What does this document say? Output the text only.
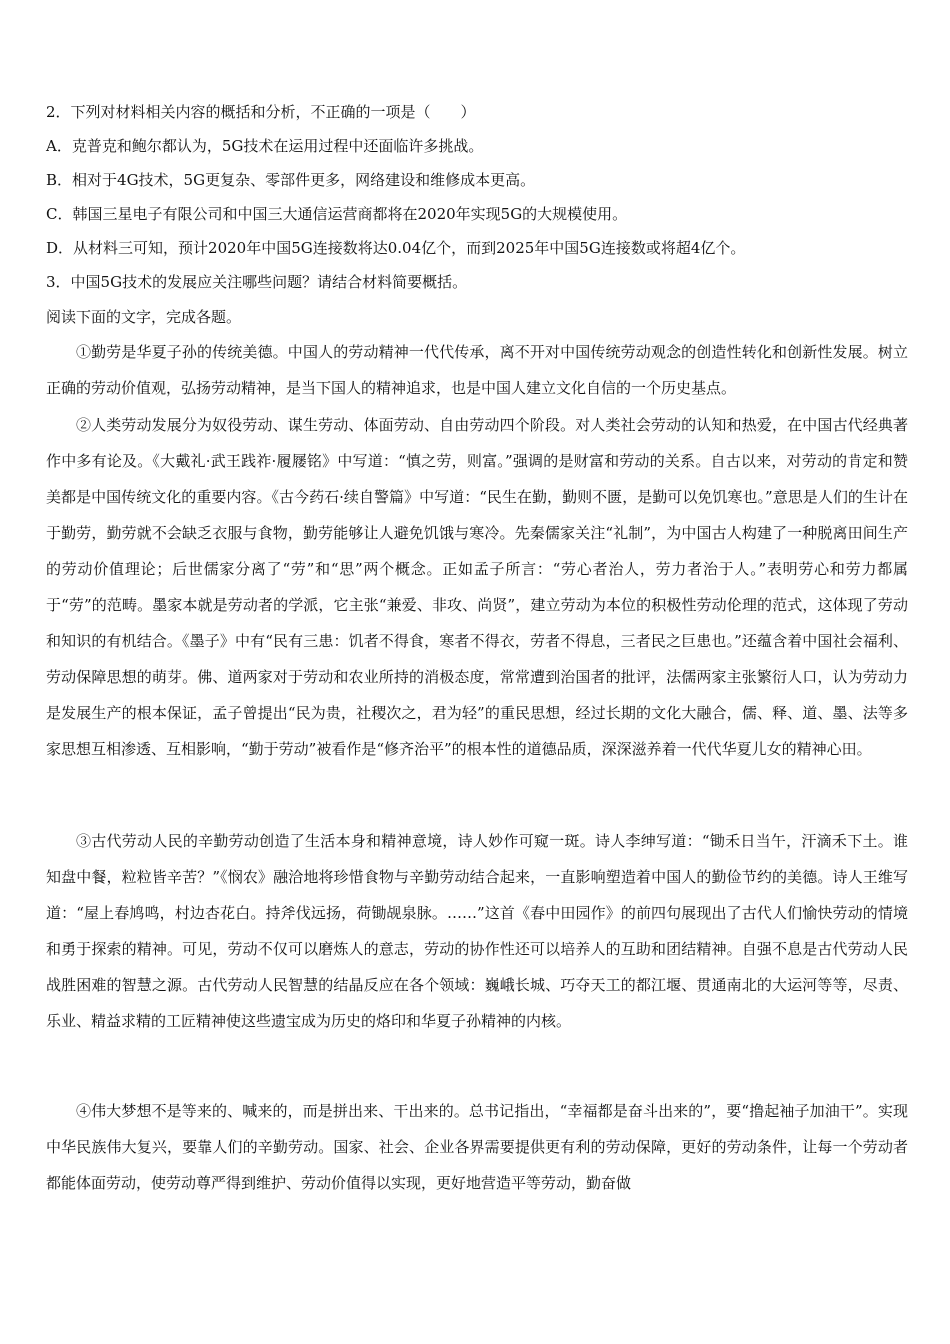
2．下列对材料相关内容的概括和分析，不正确的一项是（　　）
A．克普克和鲍尔都认为，5G技术在运用过程中还面临许多挑战。
B．相对于4G技术，5G更复杂、零部件更多，网络建设和维修成本更高。
C．韩国三星电子有限公司和中国三大通信运营商都将在2020年实现5G的大规模使用。
D．从材料三可知，预计2020年中国5G连接数将达0.04亿个，而到2025年中国5G连接数或将超4亿个。
3．中国5G技术的发展应关注哪些问题？请结合材料简要概括。
阅读下面的文字，完成各题。
①勤劳是华夏子孙的传统美德。中国人的劳动精神一代代传承，离不开对中国传统劳动观念的创造性转化和创新性发展。树立正确的劳动价值观，弘扬劳动精神，是当下国人的精神追求，也是中国人建立文化自信的一个历史基点。
②人类劳动发展分为奴役劳动、谋生劳动、体面劳动、自由劳动四个阶段。对人类社会劳动的认知和热爱，在中国古代经典著作中多有论及。《大戴礼·武王践祚·履屦铭》中写道：“慎之劳，则富。”强调的是财富和劳动的关系。自古以来，对劳动的肯定和赞美都是中国传统文化的重要内容。《古今药石·续自警篇》中写道：“民生在勤，勤则不匮，是勤可以免饥寒也。”意思是人们的生计在于勤劳，勤劳就不会缺乏衣服与食物，勤劳能够让人避免饥饿与寒冷。先秦儒家关注“礼制”，为中国古人构建了一种脱离田间生产的劳动价值理论；后世儒家分离了“劳”和“思”两个概念。正如孟子所言：“劳心者治人，劳力者治于人。”表明劳心和劳力都属于“劳”的范畴。墨家本就是劳动者的学派，它主张“兼爱、非攻、尚贤”，建立劳动为本位的积极性劳动伦理的范式，这体现了劳动和知识的有机结合。《墨子》中有“民有三患：饥者不得食，寒者不得衣，劳者不得息，三者民之巨患也。”还蕴含着中国社会福利、劳动保障思想的萌芽。佛、道两家对于劳动和农业所持的消极态度，常常遭到治国者的批评，法儒两家主张繁衍人口，认为劳动力是发展生产的根本保证，孟子曾提出“民为贵，社稷次之，君为轻”的重民思想，经过长期的文化大融合，儒、释、道、墨、法等多家思想互相渗透、互相影响，“勤于劳动”被看作是“修齐治平”的根本性的道德品质，深深滋养着一代代华夏儿女的精神心田。
③古代劳动人民的辛勤劳动创造了生活本身和精神意境，诗人妙作可窥一斑。诗人李绅写道：“锄禾日当午，汗滴禾下土。谁知盘中餐，粒粒皆辛苦？”《悯农》融洽地将珍惜食物与辛勤劳动结合起来，一直影响塑造着中国人的勤俭节约的美德。诗人王维写道：“屋上春鸠鸣，村边杏花白。持斧伐远扬，荷锄觇泉脉。……”这首《春中田园作》的前四句展现出了古代人们愉快劳动的情境和勇于探索的精神。可见，劳动不仅可以磨炼人的意志，劳动的协作性还可以培养人的互助和团结精神。自强不息是古代劳动人民战胜困难的智慧之源。古代劳动人民智慧的结晶反应在各个领域：巍峨长城、巧夺天工的都江堰、贯通南北的大运河等等，尽责、乐业、精益求精的工匠精神使这些遗宝成为历史的烙印和华夏子孙精神的内核。
④伟大梦想不是等来的、喊来的，而是拼出来、干出来的。总书记指出，“幸福都是奋斗出来的”，要“撸起袖子加油干”。实现中华民族伟大复兴，要靠人们的辛勤劳动。国家、社会、企业各界需要提供更有利的劳动保障，更好的劳动条件，让每一个劳动者都能体面劳动，使劳动尊严得到维护、劳动价值得以实现，更好地营造平等劳动，勤奋做
